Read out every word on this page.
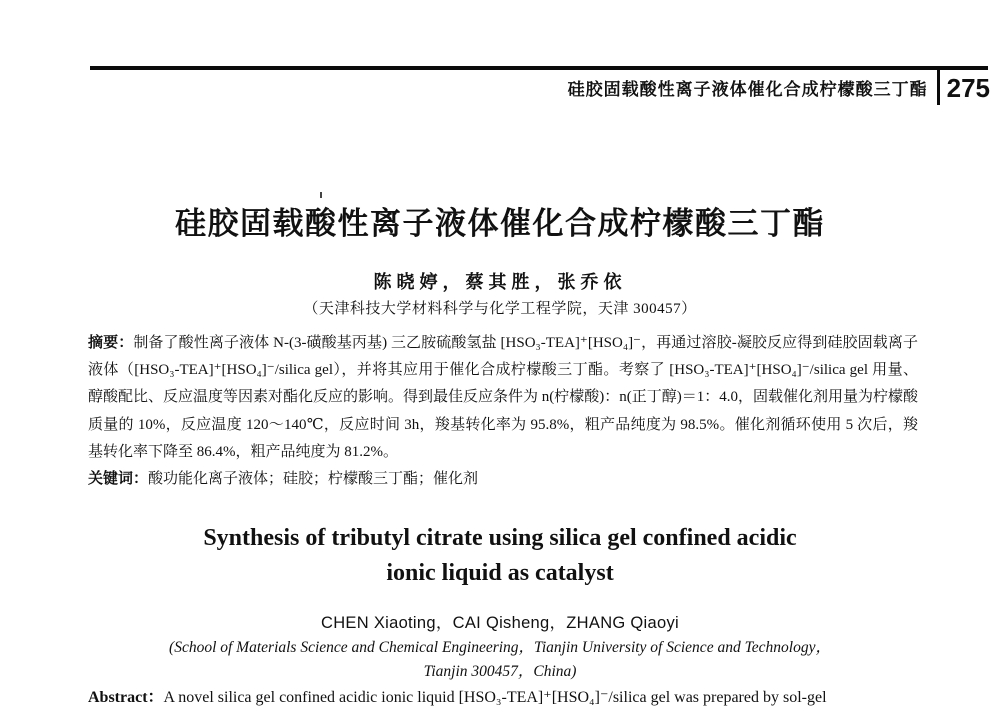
硅胶固载酸性离子液体催化合成柠檬酸三丁酯 275
硅胶固载酸性离子液体催化合成柠檬酸三丁酯
陈晓婷，蔡其胜，张乔依
（天津科技大学材料科学与化学工程学院，天津 300457）

摘要：制备了酸性离子液体 N-(3-磺酸基丙基) 三乙胺硫酸氢盐 [HSO₃-TEA]⁺[HSO₄]⁻，再通过溶胶-凝胶反应得到硅胶固载离子液体（[HSO₃-TEA]⁺[HSO₄]⁻/silica gel），并将其应用于催化合成柠檬酸三丁酯。考察了 [HSO₃-TEA]⁺[HSO₄]⁻/silica gel 用量、醇酸配比、反应温度等因素对酯化反应的影响。得到最佳反应条件为 n(柠檬酸)：n(正丁醇)＝1：4.0，固载催化剂用量为柠檬酸质量的 10%，反应温度 120～140℃，反应时间 3h，羧基转化率为 95.8%，粗产品纯度为 98.5%。催化剂循环使用 5 次后，羧基转化率下降至 86.4%，粗产品纯度为 81.2%。

关键词：酸功能化离子液体；硅胶；柠檬酸三丁酯；催化剂

Synthesis of tributyl citrate using silica gel confined acidic
ionic liquid as catalyst
CHEN Xiaoting，CAI Qisheng，ZHANG Qiaoyi
(School of Materials Science and Chemical Engineering，Tianjin University of Science and Technology，
Tianjin 300457，China)
Abstract：A novel silica gel confined acidic ionic liquid [HSO₃-TEA]⁺[HSO₄]⁻/silica gel was prepared by sol-gel
